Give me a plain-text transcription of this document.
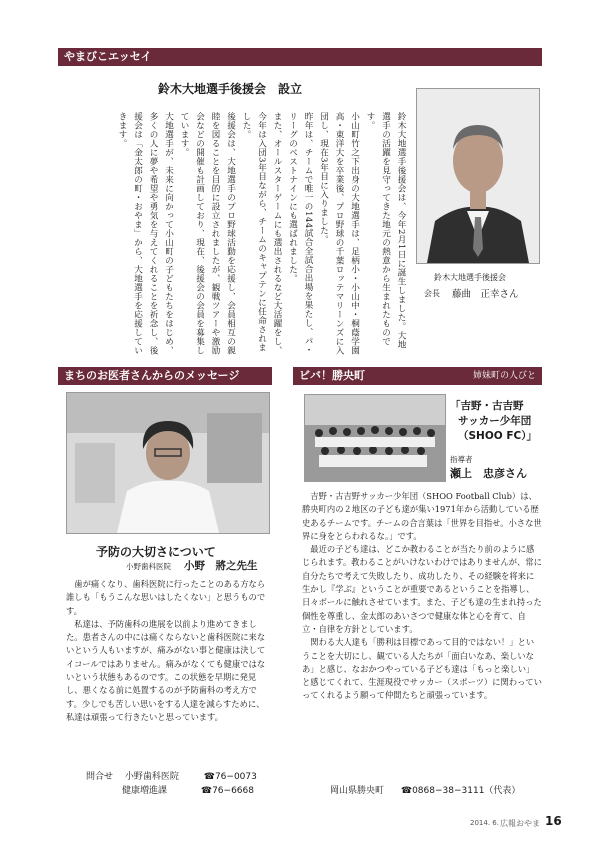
やまびこエッセイ
鈴木大地選手後援会　設立

鈴木大地選手後援会は、今年2月1日に誕生しました。大地選手の活躍を見守ってきた地元の熱意から生まれたものです。

小山町竹之下出身の大地選手は、足柄小・小山中・桐蔭学園高・東洋大を卒業後、プロ野球の千葉ロッテマリーンズに入団し、現在3年目に入りました。

昨年は、チームで唯一の144試合全試合出場を果たし、パ・リーグのベストナインにも選ばれました。

また、オールスターゲームにも選出されるなど大活躍をし、今年は入団3年目ながら、チームのキャプテンに任命されました。

後援会は、大地選手のプロ野球活動を応援し、会員相互の親睦を図ることを目的に設立されましたが、観戦ツアーや激励会などの開催も計画しており、現在、後援会の会員を募集しています。

大地選手が、未来に向かって小山町の子どもたちをはじめ、多くの人に夢や希望や勇気を与えてくれることを祈念し、後援会は「金太郎の町・おやま」から、大地選手を応援していきます。

鈴木大地選手後援会
会長 藤曲　正幸さん
まちのお医者さんからのメッセージ
予防の大切さについて
小野歯科医院 小野　將之先生

歯が痛くなり、歯科医院に行ったことのある方なら誰しも「もうこんな思いはしたくない」と思うものです。

私達は、予防歯科の進展を以前より進めてきました。患者さんの中には痛くならないと歯科医院に来ないという人もいますが、痛みがない事と健康は決してイコールではありません。痛みがなくても健康ではないという状態もあるのです。この状態を早期に発見し、悪くなる前に処置するのが予防歯科の考え方です。少しでも苦しい思いをする人達を減らすために、私達は頑張って行きたいと思っています。

問合せ 小野歯科医院	☎76−0073
健康増進課	☎76−6668
ビバ！勝央町	姉妹町の人びと
「吉野・古吉野
サッカー少年団
（SHOO FC）」
指導者
瀬上　忠彦さん

吉野・古吉野サッカー少年団（SHOO Football Club）は、勝央町内の２地区の子ども達が集い1971年から活動している歴史あるチームです。チームの合言葉は「世界を目指せ。小さな世界に身をとらわれるな。」です。

最近の子ども達は、どこか教わることが当たり前のように感じられます。教わることがいけないわけではありませんが、常に自分たちで考えて失敗したり、成功したり、その経験を将来に生かし『学ぶ』ということが重要であるということを指導し、日々ボールに触れさせています。また、子ども達の生まれ持った個性を尊重し、金太郎のあいさつで健康な体と心を育て、自立・自律を方針としています。

関わる大人達も「勝利は目標であって目的ではない！」ということを大切にし、観ている人たちが「面白いなあ、楽しいなあ」と感じ、なおかつやっている子ども達は「もっと楽しい」と感じてくれて、生涯現役でサッカー（スポーツ）に関わっていってくれるよう願って仲間たちと頑張っています。

岡山県勝央町 ☎0868−38−3111（代表）
2014. 6. 広報おやま 16
